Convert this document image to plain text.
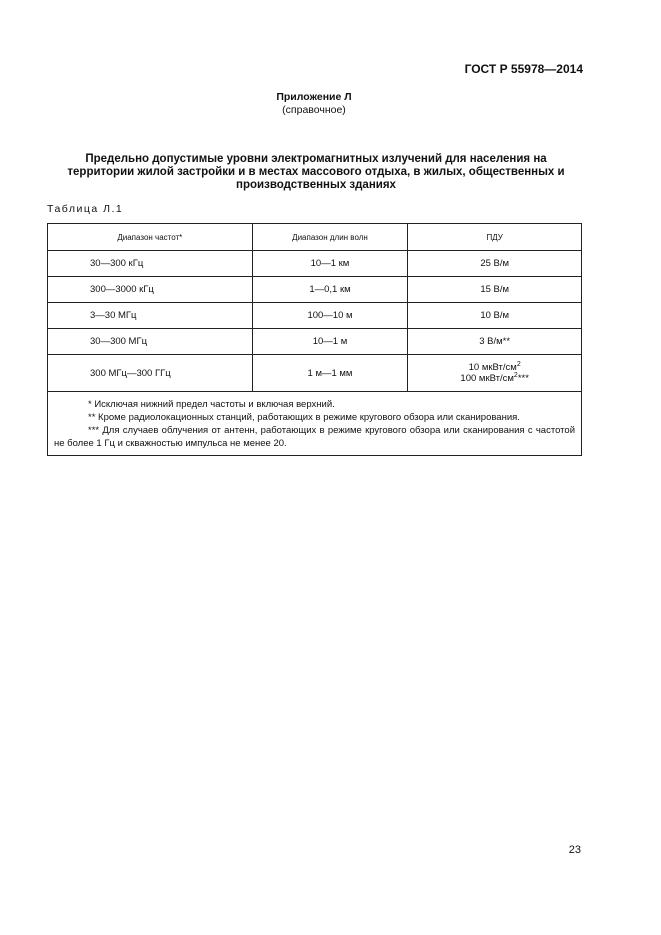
ГОСТ Р 55978—2014
Приложение Л
(справочное)
Предельно допустимые уровни электромагнитных излучений для населения на территории жилой застройки и в местах массового отдыха, в жилых, общественных и производственных зданиях
Таблица Л.1
Диапазон частот*	Диапазон длин волн	ПДУ
30—300 кГц	10—1 км	25 В/м
300—3000 кГц	1—0,1 км	15 В/м
3—30 МГц	100—10 м	10 В/м
30—300 МГц	10—1 м	3 В/м**
300 МГц—300 ГГц	1 м—1 мм	10 мкВт/$см^2$
100 мкВт/$см^2***$

* Исключая нижний предел частоты и включая верхний.
** Кроме радиолокационных станций, работающих в режиме кругового обзора или сканирования.
*** Для случаев облучения от антенн, работающих в режиме кругового обзора или сканирования с частотой не более 1 Гц и скважностью импульса не менее 20.		
23
